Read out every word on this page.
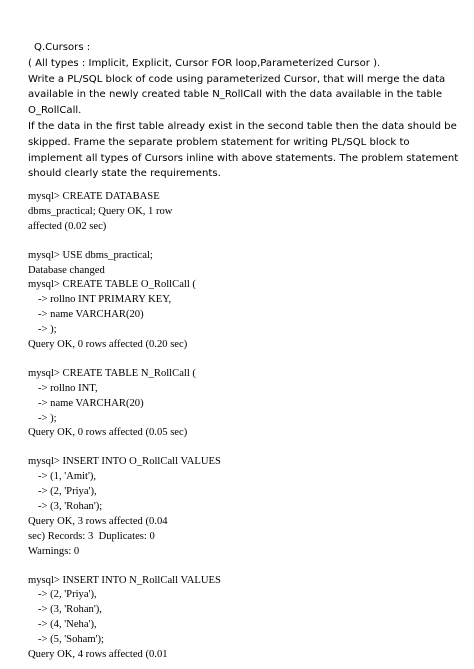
Q.Cursors :
( All types : Implicit, Explicit, Cursor FOR loop,Parameterized Cursor ).
Write a PL/SQL block of code using parameterized Cursor, that will merge the data
available in the newly created table N_RollCall with the data available in the table
O_RollCall.
If the data in the first table already exist in the second table then the data should be
skipped. Frame the separate problem statement for writing PL/SQL block to
implement all types of Cursors inline with above statements. The problem statement
should clearly state the requirements.
mysql> CREATE DATABASE
dbms_practical; Query OK, 1 row
affected (0.02 sec)
mysql> USE dbms_practical;
Database changed
mysql> CREATE TABLE O_RollCall (
-> rollno INT PRIMARY KEY,
-> name VARCHAR(20)
-> );
Query OK, 0 rows affected (0.20 sec)
mysql> CREATE TABLE N_RollCall (
-> rollno INT,
-> name VARCHAR(20)
-> );
Query OK, 0 rows affected (0.05 sec)
mysql> INSERT INTO O_RollCall VALUES
-> (1, 'Amit'),
-> (2, 'Priya'),
-> (3, 'Rohan');
Query OK, 3 rows affected (0.04
sec) Records: 3  Duplicates: 0
Warnings: 0
mysql> INSERT INTO N_RollCall VALUES
-> (2, 'Priya'),
-> (3, 'Rohan'),
-> (4, 'Neha'),
-> (5, 'Soham');
Query OK, 4 rows affected (0.01
